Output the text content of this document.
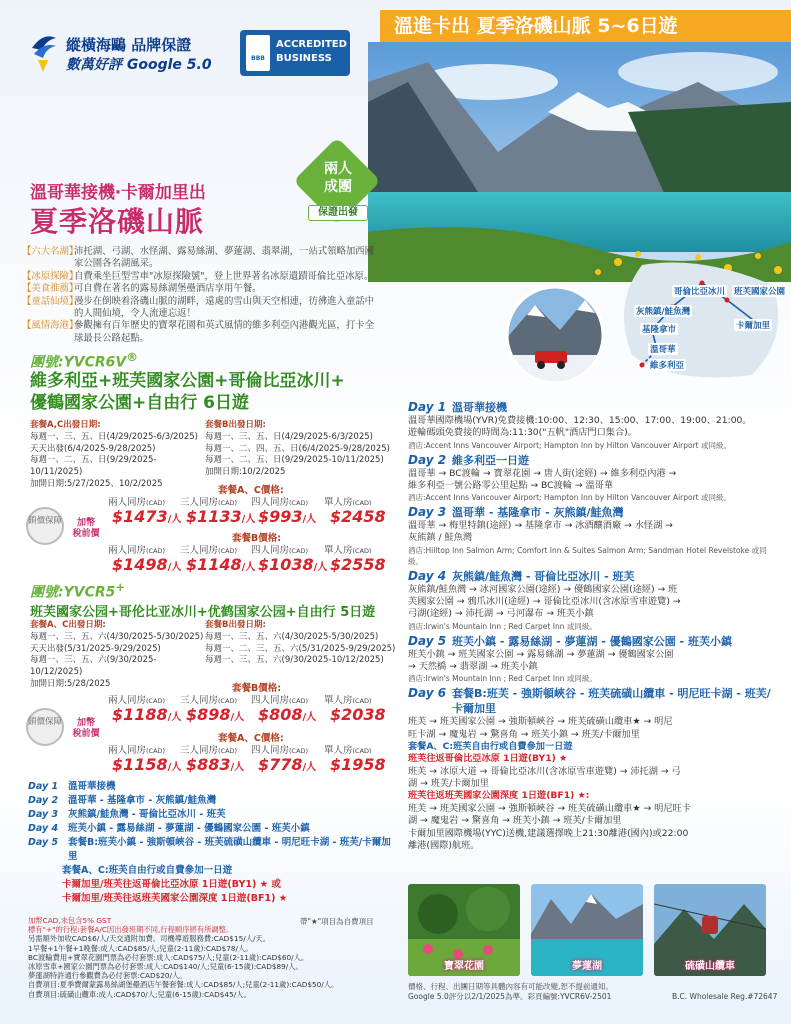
縱橫海鷗 品牌保證
數萬好評 Google 5.0	BBB
ACCREDITED
BUSINESS
溫進卡出 夏季洛磯山脈 5~6日遊
兩人
成團
保證出發
溫哥華接機‧卡爾加里出
夏季洛磯山脈
【六大名湖】
沛托湖、弓湖、水怪湖、露易絲湖、夢蓮湖、翡翠湖，一站式領略加西國家公園各名湖風采。
【冰原探險】
自費乘坐巨型雪車"冰原探險號"，登上世界著名冰原遺蹟哥倫比亞冰原。
【美食推薦】
可自費在著名的露易絲湖堡壘酒店享用午餐。
【童話仙境】
漫步在倒映着洛磯山脈的湖畔，遠處的雪山與天空相連，彷彿進入童話中的人間仙境，令人流連忘返！
【風情海港】
參觀擁有百年歷史的寶翠花園和英式風情的維多利亞內港觀光區，打卡全球最長公路起點。
哥倫比亞冰川 班芙國家公園
灰熊鎮/鮭魚灣
基隆拿市	卡爾加里
溫哥華
維多利亞
團號:YVCR6V®
維多利亞+班芙國家公園+哥倫比亞冰川+
優鶴國家公園+自由行 6日遊
套餐A,C出發日期:
每週一、三、五、日(4/29/2025-6/3/2025)
天天出發(6/4/2025-9/28/2025)
每週一、二、五、日(9/29/2025-10/11/2025)
加開日期:5/27/2025、10/2/2025
套餐B出發日期:
每週一、三、五、日(4/29/2025-6/3/2025)
每週一、二、四、五、日(6/4/2025-9/28/2025)
每週一、二、五、日(9/29/2025-10/11/2025)
加開日期:10/2/2025
套餐A、C價格:
鎖價保障	加幣
稅前價
兩人同房(CAD) 三人同房(CAD) 四人同房(CAD) 單人房(CAD)
$1473/人 $1133/人 $993/人 $2458
套餐B價格:
兩人同房(CAD) 三人同房(CAD) 四人同房(CAD) 單人房(CAD)
$1498/人 $1148/人 $1038/人 $2558
團號:YVCR5+
班芙國家公园+哥伦比亚冰川+优鹤国家公园+自由行 5日遊
套餐A、C出發日期:
每週一、三、五、六(4/30/2025-5/30/2025)
天天出發(5/31/2025-9/29/2025)
每週一、三、五、六(9/30/2025-10/12/2025)
加開日期:5/28/2025
套餐B出發日期:
每週一、三、五、六(4/30/2025-5/30/2025)
每週一、二、三、五、六(5/31/2025-9/29/2025)
每週一、三、五、六(9/30/2025-10/12/2025)
套餐B價格:
鎖價保障	加幣
稅前價
兩人同房(CAD) 三人同房(CAD) 四人同房(CAD) 單人房(CAD)
$1188/人 $898/人 $808/人 $2038
套餐A、C價格:
兩人同房(CAD) 三人同房(CAD) 四人同房(CAD) 單人房(CAD)
$1158/人 $883/人 $778/人 $1958
Day 1 溫哥華接機
Day 2 溫哥華 - 基隆拿市 - 灰熊鎮/鮭魚灣
Day 3 灰熊鎮/鮭魚灣 - 哥倫比亞冰川 - 班芙
Day 4 班芙小鎮 - 露易絲湖 - 夢蓮湖 - 優鶴國家公園 - 班芙小鎮
Day 5	套餐B:班芙小鎮 - 強斯頓峽谷 - 班芙硫磺山纜車 - 明尼旺卡湖 - 班芙/卡爾加里
套餐A、C:班芙自由行或自費參加一日遊
卡爾加里/班芙往返哥倫比亞冰原 1日遊(BY1) ★ 或
卡爾加里/班芙往返班芙國家公園深度 1日遊(BF1) ★
帶"★"項目為自費項目
加幣CAD,未包含5% GST
標有"+"的行程:套餐A/C因出發班期不同,行程順序將有所調整。
另需額外加收CAD$6/人/天交通附加費。司機導遊服務費:CAD$15/人/天。
1早餐+1午餐+1晚餐:成人:CAD$85/人;兒童(2-11歲):CAD$78/人。
BC渡輪費用+寶翠花園門票為必付套票:成人:CAD$75/人;兒童(2-11歲):CAD$60/人。
冰原雪車+國家公園門票為必付套票:成人:CAD$140/人;兒童(6-15歲):CAD$89/人。
夢蓮湖特許通行參觀費為必付套票:CAD$20/人。
自費項目:夏季費爾蒙露易絲湖堡壘酒店午餐套餐:成人:CAD$85/人;兒童(2-11歲):CAD$50/人。
自費項目:硫磺山纜車:成人:CAD$70/人;兒童(6-15歲):CAD$45/人。
Day 1 溫哥華接機
溫哥華國際機場(YVR)免費接機:10:00、12:30、15:00、17:00、19:00、21:00。
遊輪碼頭免費接的時間為:11:30("五帆"酒店門口集合)。
酒店:Accent Inns Vancouver Airport; Hampton Inn by Hilton Vancouver Airport 或同級。
Day 2 維多利亞一日遊
溫哥華 → BC渡輪 → 寶翠花園 → 唐人街(途經) → 維多利亞內港 →
維多利亞一號公路零公里起點 → BC渡輪 → 溫哥華
酒店:Accent Inns Vancouver Airport; Hampton Inn by Hilton Vancouver Airport 或同級。
Day 3 溫哥華 - 基隆拿市 - 灰熊鎮/鮭魚灣
溫哥華 → 梅里特鎮(途經) → 基隆拿市 → 冰酒釀酒廠 → 水怪湖 →
灰熊鎮 / 鮭魚灣
酒店:Hilltop Inn Salmon Arm; Comfort Inn & Suites Salmon Arm; Sandman Hotel Revelstoke 或同級。
Day 4 灰熊鎮/鮭魚灣 - 哥倫比亞冰川 - 班芙
灰熊鎮/鮭魚灣 → 冰河國家公園(途經) → 優鶴國家公園(途經) → 班
芙國家公園 → 鴉爪冰川(途經) → 哥倫比亞冰川(含冰原雪車遊覽) →
弓湖(途經) → 沛托湖 → 弓河瀑布 → 班芙小鎮
酒店:Irwin's Mountain Inn ; Red Carpet Inn 或同級。
Day 5 班芙小鎮 - 露易絲湖 - 夢蓮湖 - 優鶴國家公園 - 班芙小鎮
班芙小鎮 → 班芙國家公園 → 露易絲湖 → 夢蓮湖 → 優鶴國家公園
→ 天然橋 → 翡翠湖 → 班芙小鎮
酒店:Irwin's Mountain Inn ; Red Carpet Inn 或同級。
Day 6 套餐B:班芙 - 強斯頓峽谷 - 班芙硫磺山纜車 - 明尼旺卡湖 - 班芙/卡爾加里
班芙 → 班芙國家公園 → 強斯頓峽谷 → 班芙硫磺山纜車★ → 明尼
旺卡湖 → 魔鬼岩 → 驚喜角 → 班芙小鎮 → 班芙/卡爾加里
套餐A、C:班芙自由行或自費參加一日遊
班芙往返哥倫比亞冰原 1日遊(BY1) ★
班芙 → 冰原大道 → 哥倫比亞冰川(含冰原雪車遊覽) → 沛托湖 → 弓
湖 → 班芙/卡爾加里
班芙往返班芙國家公園深度 1日遊(BF1) ★:
班芙 → 班芙國家公園 → 強斯頓峽谷 → 班芙硫磺山纜車★ → 明尼旺卡
湖 → 魔鬼岩 → 驚喜角 → 班芙小鎮 → 班芙/卡爾加里
卡爾加里國際機場(YYC)送機,建議選擇晚上21:30離港(國內)或22:00
離港(國際)航班。
寶翠花園	夢蓮湖	硫磺山纜車
價格、行程、出團日期等具體內容有可能改變,恕不提前通知。
Google 5.0評分以2/1/2025為準。彩頁編號:YVCR6V-2501	B.C. Wholesale Reg.#72647
